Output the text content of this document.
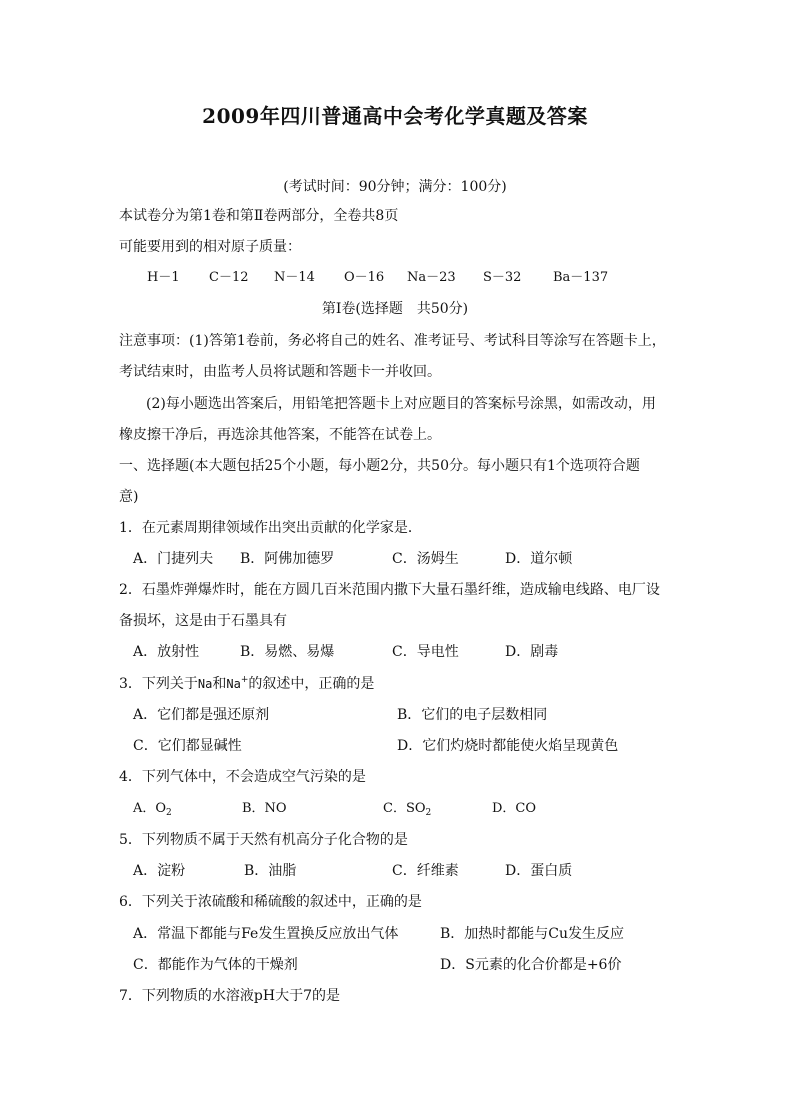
2009年四川普通高中会考化学真题及答案
(考试时间：90分钟；满分：100分)
本试卷分为第1卷和第Ⅱ卷两部分，全卷共8页
可能要用到的相对原子质量：
H－1 C－12 N－14 O－16 Na－23 S－32 Ba－137
第Ⅰ卷(选择题　共50分)
注意事项：(1)答第1卷前，务必将自己的姓名、准考证号、考试科目等涂写在答题卡上，
考试结束时，由监考人员将试题和答题卡一并收回。
(2)每小题选出答案后，用铅笔把答题卡上对应题目的答案标号涂黑，如需改动，用
橡皮擦干净后，再选涂其他答案，不能答在试卷上。
一、选择题(本大题包括25个小题，每小题2分，共50分。每小题只有1个选项符合题
意)
1．在元素周期律领域作出突出贡献的化学家是．
A．门捷列夫 B．阿佛加德罗	C．汤姆生	D．道尔顿
2．石墨炸弹爆炸时，能在方圆几百米范围内撒下大量石墨纤维，造成输电线路、电厂设
备损坏，这是由于石墨具有
A．放射性	B．易燃、易爆	C．导电性	D．剧毒
3．下列关于Na和Na+的叙述中，正确的是
A．它们都是强还原剂	B．它们的电子层数相同
C．它们都显碱性	D．它们灼烧时都能使火焰呈现黄色
4．下列气体中，不会造成空气污染的是
A．$O_2$	B．NO	C．$SO_2$	D．CO
5．下列物质不属于天然有机高分子化合物的是
A．淀粉	B．油脂	C．纤维素	D．蛋白质
6．下列关于浓硫酸和稀硫酸的叙述中，正确的是
A．常温下都能与Fe发生置换反应放出气体	B．加热时都能与Cu发生反应
C．都能作为气体的干燥剂	D．S元素的化合价都是+6价
7．下列物质的水溶液pH大于7的是
